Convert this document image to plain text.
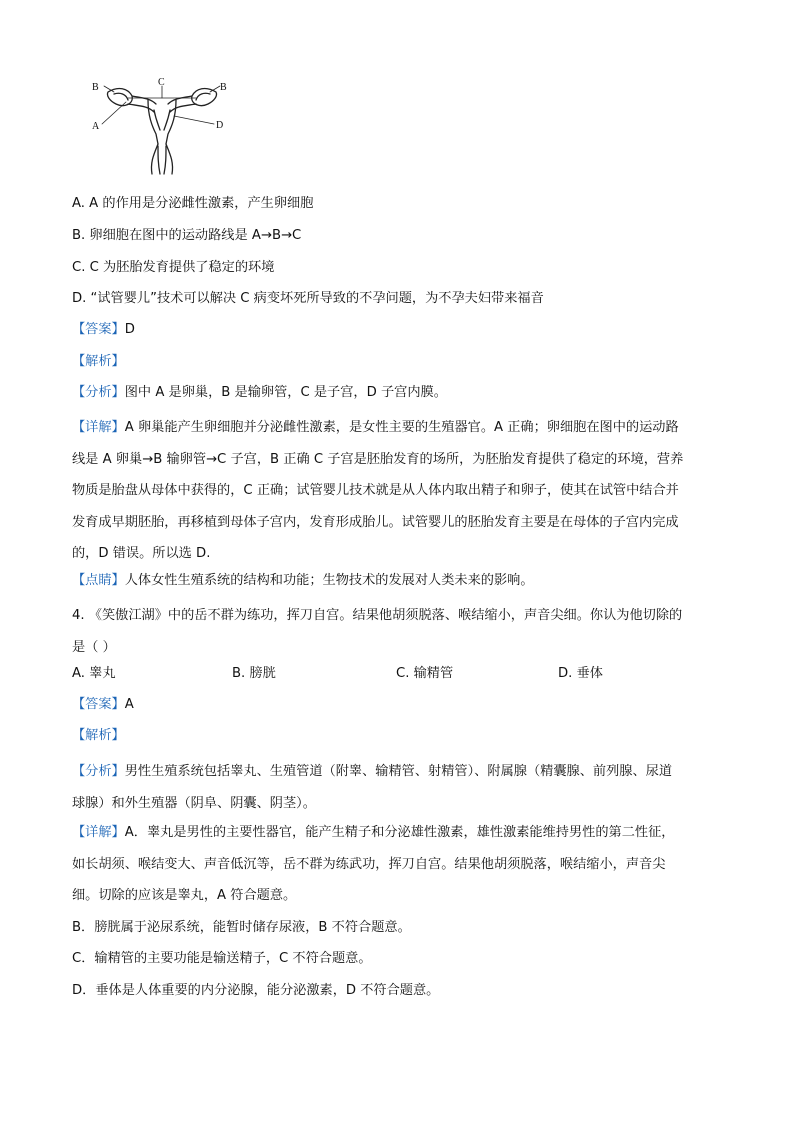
B	C	B
A	D
A. A 的作用是分泌雌性激素，产生卵细胞
B. 卵细胞在图中的运动路线是 A→B→C
C. C 为胚胎发育提供了稳定的环境
D. “试管婴儿”技术可以解决 C 病变坏死所导致的不孕问题，为不孕夫妇带来福音
【答案】D
【解析】
【分析】图中 A 是卵巢，B 是输卵管，C 是子宫，D 子宫内膜。
【详解】A 卵巢能产生卵细胞并分泌雌性激素，是女性主要的生殖器官。A 正确；卵细胞在图中的运动路
线是 A 卵巢→B 输卵管→C 子宫，B 正确 C 子宫是胚胎发育的场所，为胚胎发育提供了稳定的环境，营养
物质是胎盘从母体中获得的，C 正确；试管婴儿技术就是从人体内取出精子和卵子，使其在试管中结合并
发育成早期胚胎，再移植到母体子宫内，发育形成胎儿。试管婴儿的胚胎发育主要是在母体的子宫内完成
的，D 错误。所以选 D.
【点睛】人体女性生殖系统的结构和功能；生物技术的发展对人类未来的影响。
4. 《笑傲江湖》中的岳不群为练功，挥刀自宫。结果他胡须脱落、喉结缩小，声音尖细。你认为他切除的
是（ ）
A. 睾丸	B. 膀胱	C. 输精管	D. 垂体
【答案】A
【解析】
【分析】男性生殖系统包括睾丸、生殖管道（附睾、输精管、射精管）、附属腺（精囊腺、前列腺、尿道
球腺）和外生殖器（阴阜、阴囊、阴茎）。
【详解】A．睾丸是男性的主要性器官，能产生精子和分泌雄性激素，雄性激素能维持男性的第二性征，
如长胡须、喉结变大、声音低沉等，岳不群为练武功，挥刀自宫。结果他胡须脱落，喉结缩小，声音尖
细。切除的应该是睾丸，A 符合题意。
B．膀胱属于泌尿系统，能暂时储存尿液，B 不符合题意。
C．输精管的主要功能是输送精子，C 不符合题意。
D．垂体是人体重要的内分泌腺，能分泌激素，D 不符合题意。
